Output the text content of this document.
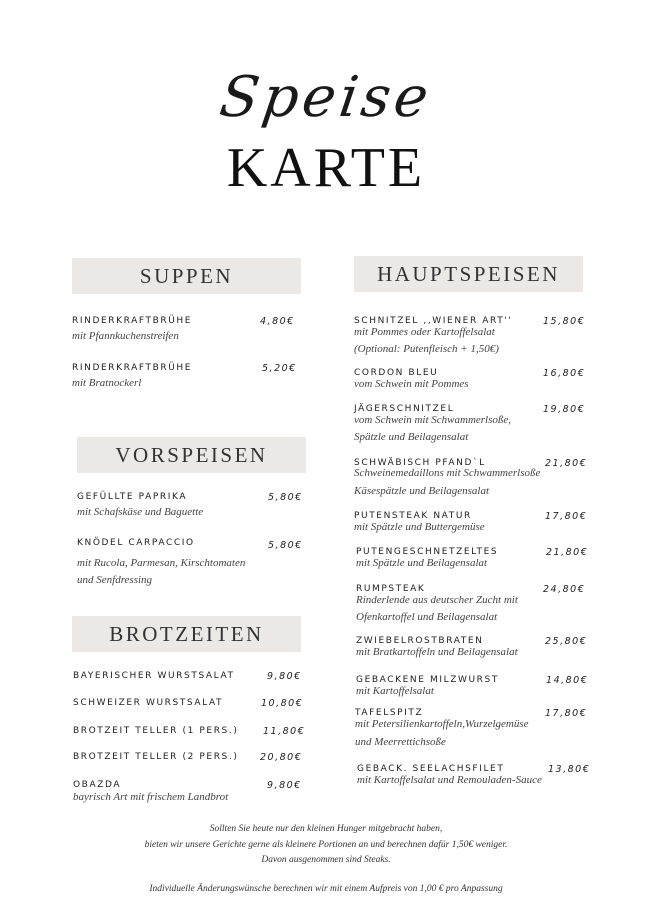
Speise
KARTE
SUPPEN
RINDERKRAFTBRÜHE	4,80€
mit Pfannkuchenstreifen
RINDERKRAFTBRÜHE	5,20€
mit Bratnockerl
VORSPEISEN
GEFÜLLTE PAPRIKA	5,80€
mit Schafskäse und Baguette
KNÖDEL CARPACCIO	5,80€
mit Rucola, Parmesan, Kirschtomaten
und Senfdressing
BROTZEITEN
BAYERISCHER WURSTSALAT	9,80€
SCHWEIZER WURSTSALAT	10,80€
BROTZEIT TELLER (1 PERS.)	11,80€
BROTZEIT TELLER (2 PERS.) 20,80€
OBAZDA	9,80€
bayrisch Art mit frischem Landbrot
HAUPTSPEISEN
SCHNITZEL ,,WIENER ART''	15,80€
mit Pommes oder Kartoffelsalat
(Optional: Putenfleisch + 1,50€)
CORDON BLEU	16,80€
vom Schwein mit Pommes
JÄGERSCHNITZEL	19,80€
vom Schwein mit Schwammerlsoße,
Spätzle und Beilagensalat
SCHWÄBISCH PFAND`L	21,80€
Schweinemedaillons mit Schwammerlsoße
Käsespätzle und Beilagensalat
PUTENSTEAK NATUR	17,80€
mit Spätzle und Buttergemüse
PUTENGESCHNETZELTES	21,80€
mit Spätzle und Beilagensalat
RUMPSTEAK	24,80€
Rinderlende aus deutscher Zucht mit
Ofenkartoffel und Beilagensalat
ZWIEBELROSTBRATEN	25,80€
mit Bratkartoffeln und Beilagensalat
GEBACKENE MILZWURST	14,80€
mit Kartoffelsalat
TAFELSPITZ	17,80€
mit Petersilienkartoffeln,Wurzelgemüse
und Meerrettichsoße
GEBACK. SEELACHSFILET	13,80€
mit Kartoffelsalat und Remouladen-Sauce
Sollten Sie heute nur den kleinen Hunger mitgebracht haben,
bieten wir unsere Gerichte gerne als kleinere Portionen an und berechnen dafür 1,50€ weniger.
Davon ausgenommen sind Steaks.
Individuelle Änderungswünsche berechnen wir mit einem Aufpreis von 1,00 € pro Anpassung
